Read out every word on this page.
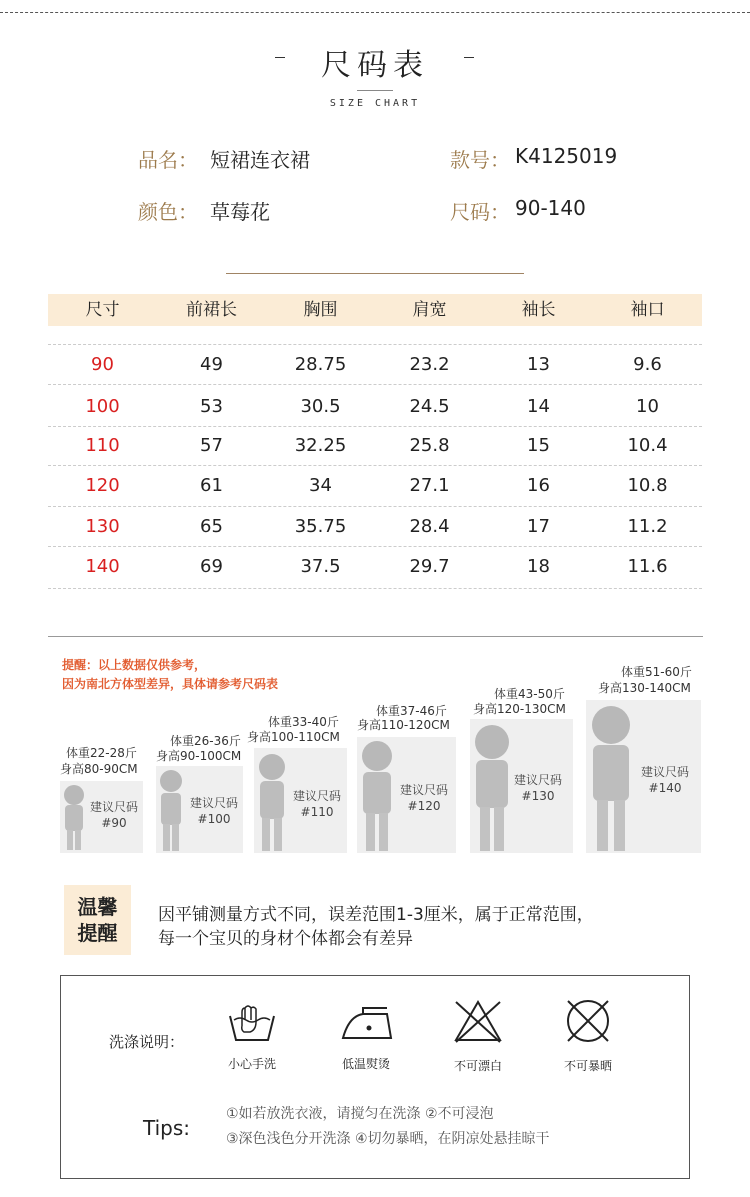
尺码表
SIZE CHART
品名： 短裙连衣裙	款号： K4125019
颜色： 草莓花	尺码： 90-140
尺寸	前裙长	胸围	肩宽	袖长	袖口
90	49	28.75	23.2	13	9.6
100	53	30.5	24.5	14	10
110	57	32.25	25.8	15	10.4
120	61	34	27.1	16	10.8
130	65	35.75	28.4	17	11.2
140	69	37.5	29.7	18	11.6
提醒：以上数据仅供参考，
因为南北方体型差异，具体请参考尺码表
体重22-28斤
身高80-90CM
建议尺码
#90
体重26-36斤
身高90-100CM
建议尺码
#100
体重33-40斤
身高100-110CM
建议尺码
#110
体重37-46斤
身高110-120CM
建议尺码
#120
体重43-50斤
身高120-130CM
建议尺码
#130
体重51-60斤
身高130-140CM
建议尺码
#140
温馨
提醒
因平铺测量方式不同，误差范围1-3厘米，属于正常范围，
每一个宝贝的身材个体都会有差异
洗涤说明：
小心手洗	低温熨烫	不可漂白	不可暴晒
Tips:
①如若放洗衣液，请搅匀在洗涤 ②不可浸泡
③深色浅色分开洗涤 ④切勿暴晒，在阴凉处悬挂晾干
